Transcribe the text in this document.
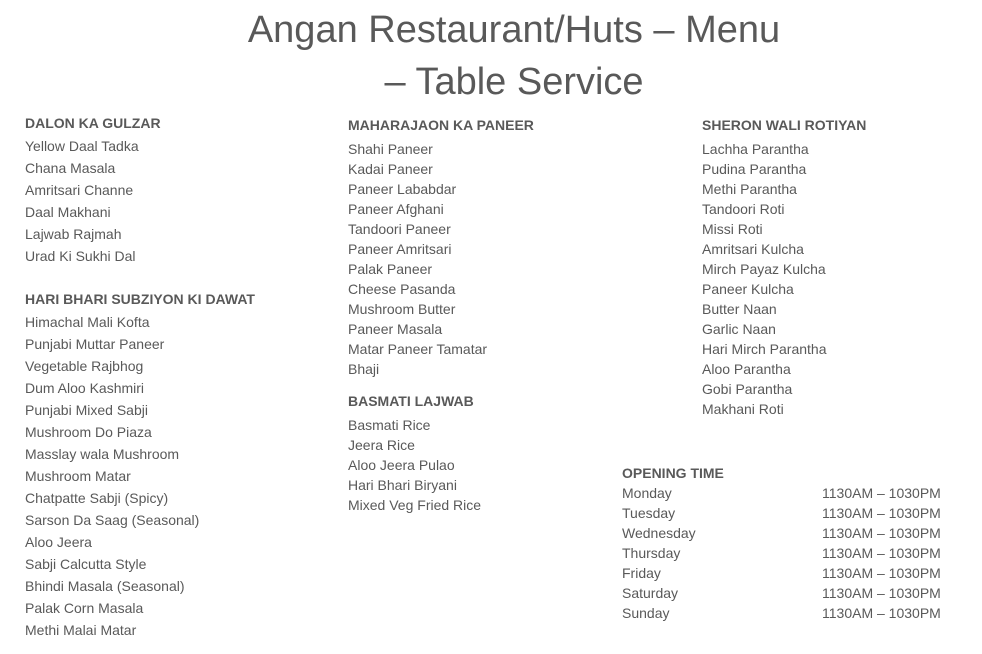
Angan Restaurant/Huts – Menu
– Table Service
DALON KA GULZAR
Yellow Daal Tadka
Chana Masala
Amritsari Channe
Daal Makhani
Lajwab Rajmah
Urad Ki Sukhi Dal
HARI BHARI SUBZIYON KI DAWAT
Himachal Mali Kofta
Punjabi Muttar Paneer
Vegetable Rajbhog
Dum Aloo Kashmiri
Punjabi Mixed Sabji
Mushroom Do Piaza
Masslay wala Mushroom
Mushroom Matar
Chatpatte Sabji (Spicy)
Sarson Da Saag (Seasonal)
Aloo Jeera
Sabji Calcutta Style
Bhindi Masala (Seasonal)
Palak Corn Masala
Methi Malai Matar
MAHARAJAON KA PANEER
Shahi Paneer
Kadai Paneer
Paneer Lababdar
Paneer Afghani
Tandoori Paneer
Paneer Amritsari
Palak Paneer
Cheese Pasanda
Mushroom Butter
Paneer Masala
Matar Paneer Tamatar
Bhaji
BASMATI LAJWAB
Basmati Rice
Jeera Rice
Aloo Jeera Pulao
Hari Bhari Biryani
Mixed Veg Fried Rice
SHERON WALI ROTIYAN
Lachha Parantha
Pudina Parantha
Methi Parantha
Tandoori Roti
Missi Roti
Amritsari Kulcha
Mirch Payaz Kulcha
Paneer Kulcha
Butter Naan
Garlic Naan
Hari Mirch Parantha
Aloo Parantha
Gobi Parantha
Makhani Roti
OPENING TIME
Monday	1130AM – 1030PM
Tuesday	1130AM – 1030PM
Wednesday	1130AM – 1030PM
Thursday	1130AM – 1030PM
Friday	1130AM – 1030PM
Saturday	1130AM – 1030PM
Sunday	1130AM – 1030PM
